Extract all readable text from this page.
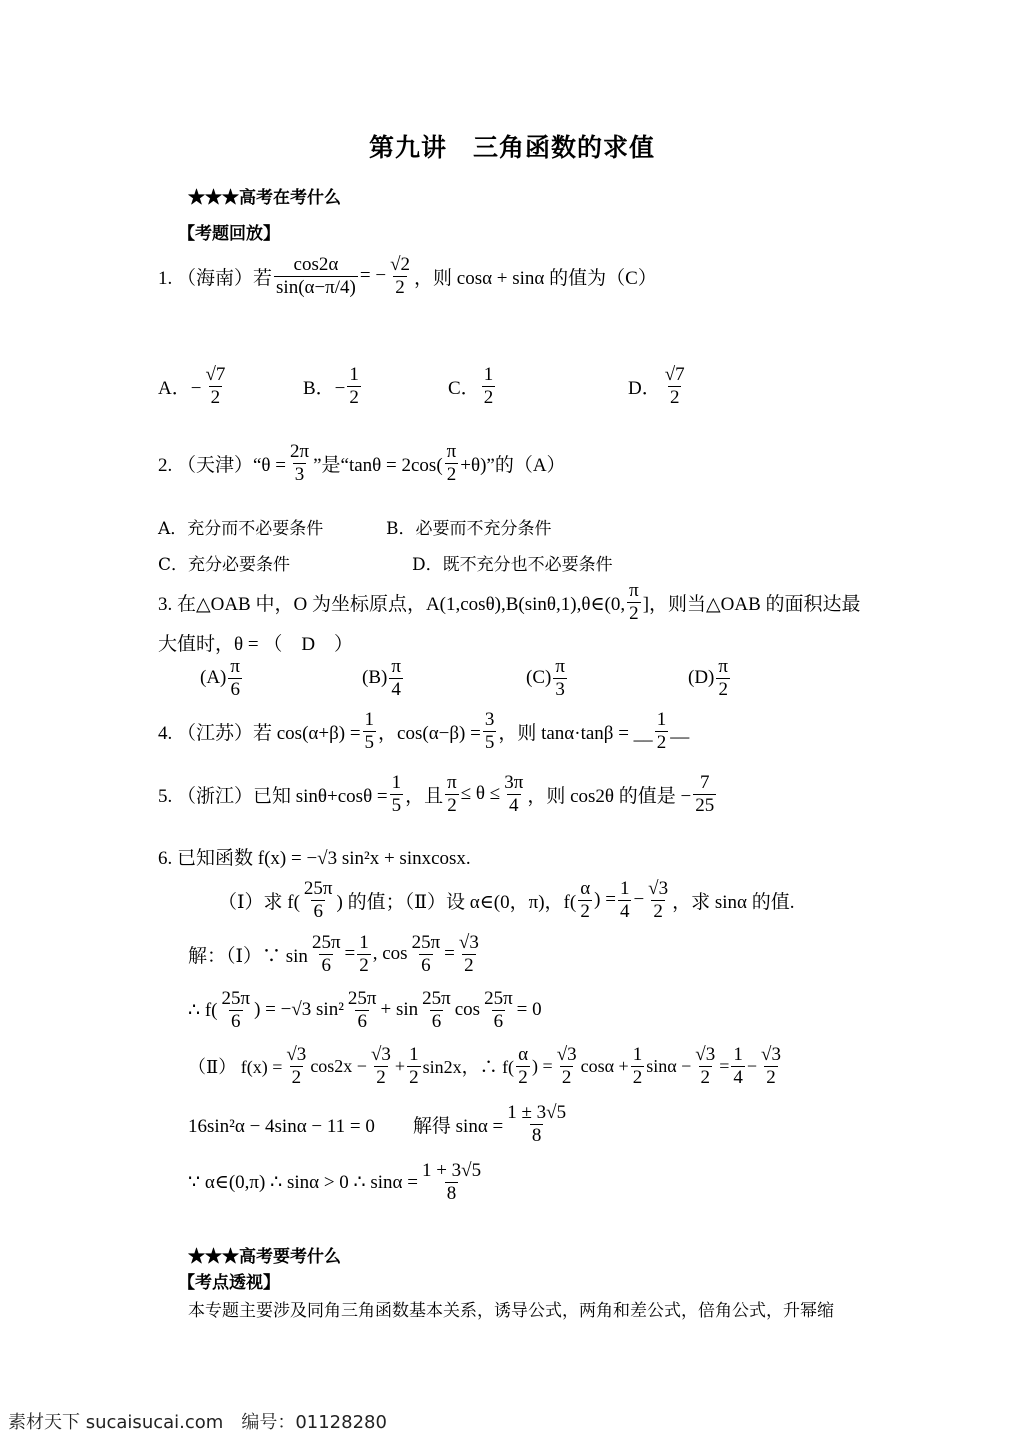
第九讲　三角函数的求值
★★★高考在考什么
【考题回放】
1. （海南）若 $\frac{\cos 2\alpha}{\sin(\alpha-\pi/4)}$ = − $\frac{√2}{2}$ ，则 cosα + sinα 的值为（C）
A．− $\frac{√7}{2}$	B．− $\frac{1}{2}$	C． $\frac{1}{2}$	D． $\frac{√7}{2}$
2. （天津）“θ = $\frac{2\pi}{3}$ ”是“$\tan\theta = 2\cos( \frac{\pi}{2} +\theta)$”的（A）
A．充分而不必要条件	B．必要而不充分条件
C．充分必要条件	D．既不充分也不必要条件
3. 在△OAB 中，O 为坐标原点，A(1,cosθ),B(sinθ,1),θ∈(0, $\frac{\pi}{2}$ ]，则当△OAB 的面积达最
大值时，θ = （　D　）
$(A) \frac{\pi}{6}$	$(B) \frac{\pi}{4}$	$(C) \frac{\pi}{3}$	$(D) \frac{\pi}{2}$
4. （江苏）若 $\cos(\alpha+\beta) = \frac{1}{5}$ ，$\cos(\alpha-\beta) = \frac{3}{5}$ ，则 tanα·tanβ = __ $\frac{1}{2}$ __
5. （浙江）已知 $\sin\theta+\cos\theta = \frac{1}{5}$ ，且 $\frac{\pi}{2} \le \theta \le \frac{3\pi}{4}$ ，则 cos2θ 的值是 − $\frac{7}{25}$
6. 已知函数 f(x) = −√3 sin²x + sinxcosx.
（Ⅰ）求 $f( \frac{25\pi}{6}$ ) 的值；（Ⅱ）设 α∈(0，π)，$f( \frac{\alpha}{2}$ ) = $\frac{1}{4} - \frac{√3}{2}$ ，求 sinα 的值.
解：（Ⅰ）∵ $\sin \frac{25\pi}{6} = \frac{1}{2}$ , $\cos \frac{25\pi}{6} = \frac{√3}{2}$
∴ $f( \frac{25\pi}{6}$ ) = −√3 $\sin^2 \frac{25\pi}{6} + \sin \frac{25\pi}{6}$ $\cos \frac{25\pi}{6} = 0$
（Ⅱ） $f(x) = \frac{√3}{2} \cos 2x - \frac{√3}{2} + \frac{1}{2} \sin 2x$，∴ $f( \frac{\alpha}{2}$ ) = $\frac{√3}{2}$ $\cos\alpha + \frac{1}{2}$ $\sin\alpha - \frac{√3}{2} = \frac{1}{4} - \frac{√3}{2}$
16sin²α − 4sinα − 11 = 0　　解得 $\sin\alpha = \frac{1 \pm 3√5}{8}$
∵ α∈(0,π) ∴ sinα > 0 ∴ $\sin\alpha = \frac{1 + 3√5}{8}$
★★★高考要考什么
【考点透视】
本专题主要涉及同角三角函数基本关系，诱导公式，两角和差公式，倍角公式，升幂缩
素材天下 sucaisucai.com　编号：01128280
